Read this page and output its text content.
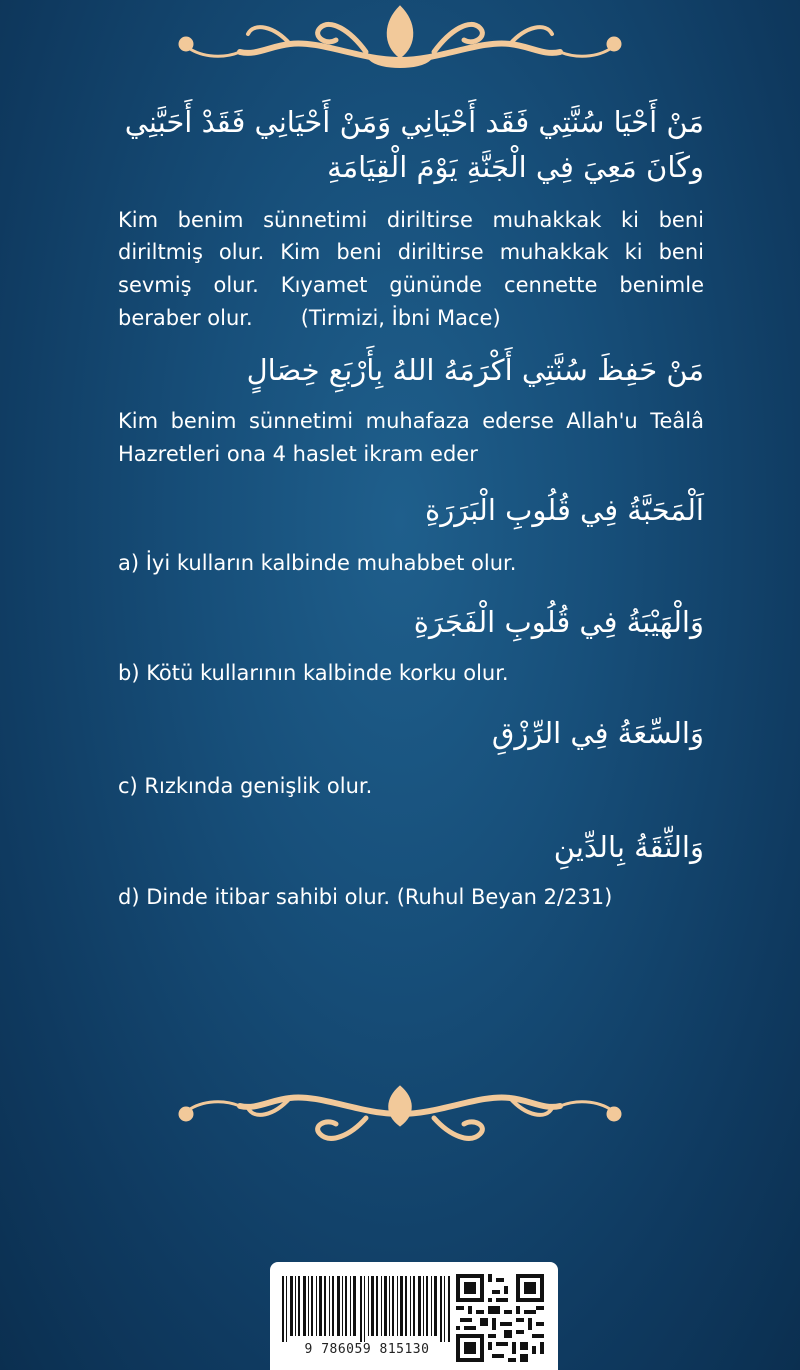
مَنْ أَحْيَا سُنَّتِي فَقَد أَحْيَانِي وَمَنْ أَحْيَانِي فَقَدْ أَحَبَّنِي وكَانَ مَعِيَ فِي الْجَنَّةِ يَوْمَ الْقِيَامَةِ

Kim benim sünnetimi diriltirse muhakkak ki beni diriltmiş olur. Kim beni diriltirse muhakkak ki beni sevmiş olur. Kıyamet gününde cennette benimle beraber olur. (Tirmizi, İbni Mace)

مَنْ حَفِظَ سُنَّتِي أَكْرَمَهُ اللهُ بِأَرْبَعِ خِصَالٍ

Kim benim sünnetimi muhafaza ederse Allah'u Teâlâ Hazretleri ona 4 haslet ikram eder

اَلْمَحَبَّةُ فِي قُلُوبِ الْبَرَرَةِ

a) İyi kulların kalbinde muhabbet olur.

وَالْهَيْبَةُ فِي قُلُوبِ الْفَجَرَةِ

b) Kötü kullarının kalbinde korku olur.

وَالسِّعَةُ فِي الرِّزْقِ

c) Rızkında genişlik olur.

وَالثِّقَةُ بِالدِّينِ

d) Dinde itibar sahibi olur. (Ruhul Beyan 2/231)

9 786059 815130
